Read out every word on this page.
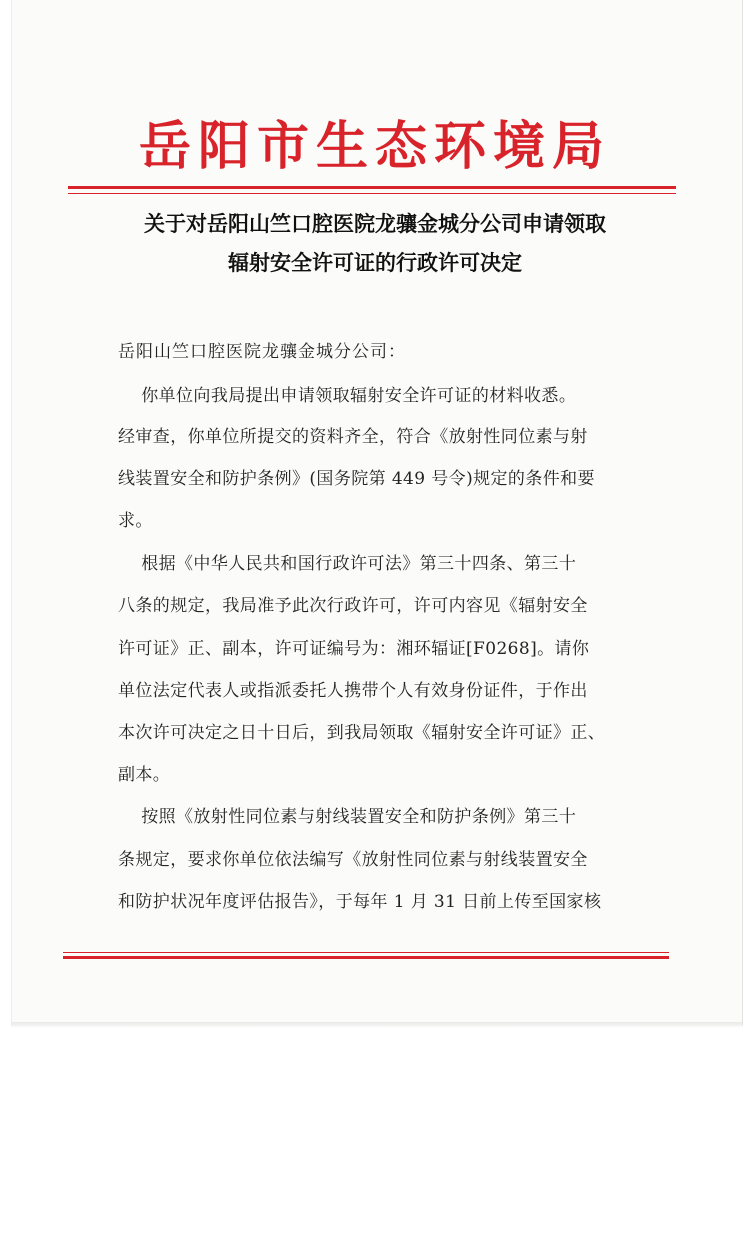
岳阳市生态环境局
关于对岳阳山竺口腔医院龙骧金城分公司申请领取
辐射安全许可证的行政许可决定
岳阳山竺口腔医院龙骧金城分公司：
你单位向我局提出申请领取辐射安全许可证的材料收悉。
经审查，你单位所提交的资料齐全，符合《放射性同位素与射
线装置安全和防护条例》(国务院第 449 号令)规定的条件和要
求。
根据《中华人民共和国行政许可法》第三十四条、第三十
八条的规定，我局准予此次行政许可，许可内容见《辐射安全
许可证》正、副本，许可证编号为：湘环辐证[F0268]。请你
单位法定代表人或指派委托人携带个人有效身份证件，于作出
本次许可决定之日十日后，到我局领取《辐射安全许可证》正、
副本。
按照《放射性同位素与射线装置安全和防护条例》第三十
条规定，要求你单位依法编写《放射性同位素与射线装置安全
和防护状况年度评估报告》，于每年 1 月 31 日前上传至国家核
